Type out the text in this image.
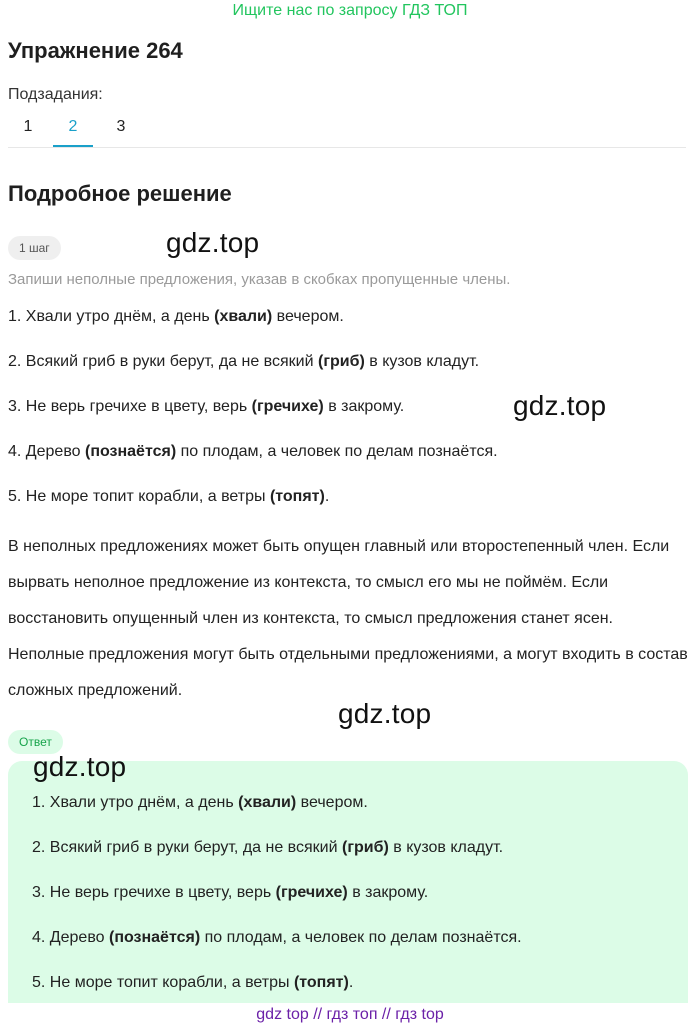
Ищите нас по запросу ГДЗ ТОП
Упражнение 264
Подзадания:
1	2	3
Подробное решение
1 шаг	gdz.top
Запиши неполные предложения, указав в скобках пропущенные члены.
1. Хвали утро днём, а день (хвали) вечером.
2. Всякий гриб в руки берут, да не всякий (гриб) в кузов кладут.
3. Не верь гречихе в цвету, верь (гречихе) в закрому.
4. Дерево (познаётся) по плодам, а человек по делам познаётся.
5. Не море топит корабли, а ветры (топят).
gdz.top
В неполных предложениях может быть опущен главный или второстепенный член. Если вырвать неполное предложение из контекста, то смысл его мы не поймём. Если восстановить опущенный член из контекста, то смысл предложения станет ясен. Неполные предложения могут быть отдельными предложениями, а могут входить в состав сложных предложений.
gdz.top
Ответ
gdz.top
1. Хвали утро днём, а день (хвали) вечером.
2. Всякий гриб в руки берут, да не всякий (гриб) в кузов кладут.
3. Не верь гречихе в цвету, верь (гречихе) в закрому.
4. Дерево (познаётся) по плодам, а человек по делам познаётся.
5. Не море топит корабли, а ветры (топят).
gdz top // гдз топ // гдз top
